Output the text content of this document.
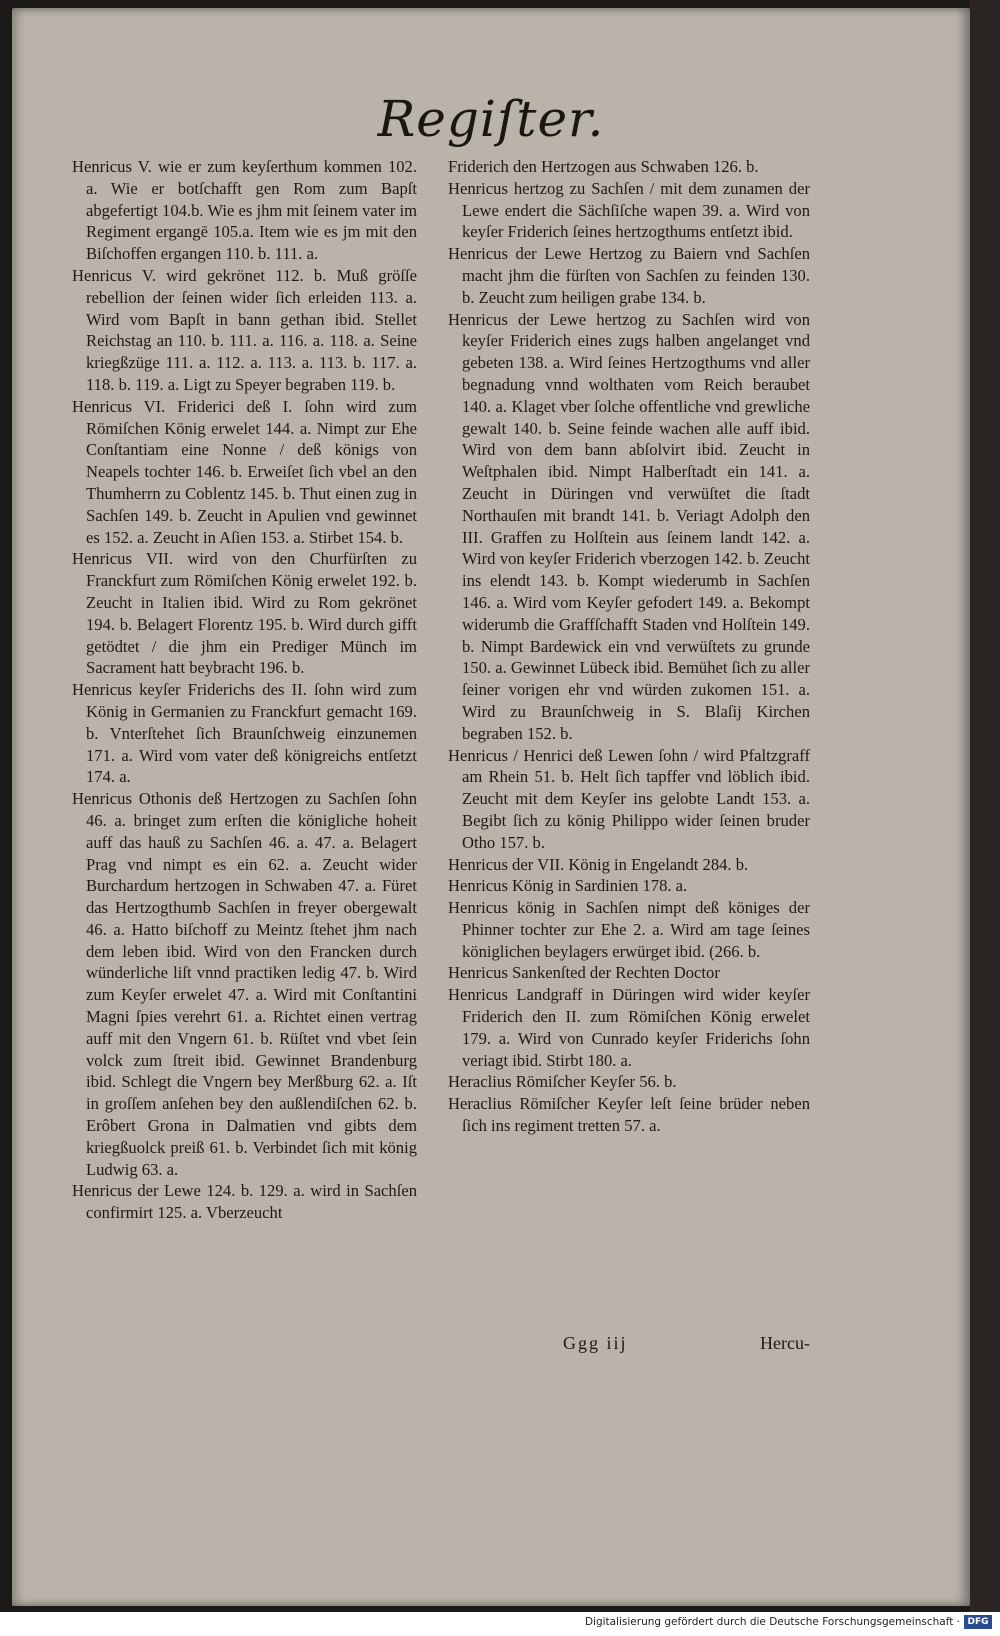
Regiſter.

Henricus V. wie er zum keyſerthum kommen 102. a. Wie er botſchafft gen Rom zum Bapſt abgefertigt 104.b. Wie es jhm mit ſeinem vater im Regiment ergangē 105.a. Item wie es jm mit den Biſchoffen ergangen 110. b. 111. a.

Henricus V. wird gekrönet 112. b. Muß gröſſe rebellion der ſeinen wider ſich erleiden 113. a. Wird vom Bapſt in bann gethan ibid. Stellet Reichstag an 110. b. 111. a. 116. a. 118. a. Seine kriegßzüge 111. a. 112. a. 113. a. 113. b. 117. a. 118. b. 119. a. Ligt zu Speyer begraben 119. b.

Henricus VI. Friderici deß I. ſohn wird zum Römiſchen König erwelet 144. a. Nimpt zur Ehe Conſtantiam eine Nonne / deß königs von Neapels tochter 146. b. Erweiſet ſich vbel an den Thumherrn zu Coblentz 145. b. Thut einen zug in Sachſen 149. b. Zeucht in Apulien vnd gewinnet es 152. a. Zeucht in Aſien 153. a. Stirbet 154. b.

Henricus VII. wird von den Churfürſten zu Franckfurt zum Römiſchen König erwelet 192. b. Zeucht in Italien ibid. Wird zu Rom gekrönet 194. b. Belagert Florentz 195. b. Wird durch gifft getödtet / die jhm ein Prediger Münch im Sacrament hatt beybracht 196. b.

Henricus keyſer Friderichs des II. ſohn wird zum König in Germanien zu Franckfurt gemacht 169. b. Vnterſtehet ſich Braunſchweig einzunemen 171. a. Wird vom vater deß königreichs entſetzt 174. a.

Henricus Othonis deß Hertzogen zu Sachſen ſohn 46. a. bringet zum erſten die königliche hoheit auff das hauß zu Sachſen 46. a. 47. a. Belagert Prag vnd nimpt es ein 62. a. Zeucht wider Burchardum hertzogen in Schwaben 47. a. Füret das Hertzogthumb Sachſen in freyer obergewalt 46. a. Hatto biſchoff zu Meintz ſtehet jhm nach dem leben ibid. Wird von den Francken durch wünderliche liſt vnnd practiken ledig 47. b. Wird zum Keyſer erwelet 47. a. Wird mit Conſtantini Magni ſpies verehrt 61. a. Richtet einen vertrag auff mit den Vngern 61. b. Rüſtet vnd vbet ſein volck zum ſtreit ibid. Gewinnet Brandenburg ibid. Schlegt die Vngern bey Merßburg 62. a. Iſt in groſſem anſehen bey den außlendiſchen 62. b. Erôbert Grona in Dalmatien vnd gibts dem kriegßuolck preiß 61. b. Verbindet ſich mit könig Ludwig 63. a.

Henricus der Lewe 124. b. 129. a. wird in Sachſen confirmirt 125. a. Vberzeucht

Friderich den Hertzogen aus Schwaben 126. b.

Henricus hertzog zu Sachſen / mit dem zunamen der Lewe endert die Sächſiſche wapen 39. a. Wird von keyſer Friderich ſeines hertzogthums entſetzt ibid.

Henricus der Lewe Hertzog zu Baiern vnd Sachſen macht jhm die fürſten von Sachſen zu feinden 130. b. Zeucht zum heiligen grabe 134. b.

Henricus der Lewe hertzog zu Sachſen wird von keyſer Friderich eines zugs halben angelanget vnd gebeten 138. a. Wird ſeines Hertzogthums vnd aller begnadung vnnd wolthaten vom Reich beraubet 140. a. Klaget vber ſolche offentliche vnd grewliche gewalt 140. b. Seine feinde wachen alle auff ibid. Wird von dem bann abſolvirt ibid. Zeucht in Weſtphalen ibid. Nimpt Halberſtadt ein 141. a. Zeucht in Düringen vnd verwüſtet die ſtadt Northauſen mit brandt 141. b. Veriagt Adolph den III. Graffen zu Holſtein aus ſeinem landt 142. a. Wird von keyſer Friderich vberzogen 142. b. Zeucht ins elendt 143. b. Kompt wiederumb in Sachſen 146. a. Wird vom Keyſer gefodert 149. a. Bekompt widerumb die Graffſchafft Staden vnd Holſtein 149. b. Nimpt Bardewick ein vnd verwüſtets zu grunde 150. a. Gewinnet Lübeck ibid. Bemühet ſich zu aller ſeiner vorigen ehr vnd würden zukomen 151. a. Wird zu Braunſchweig in S. Blaſij Kirchen begraben 152. b.

Henricus / Henrici deß Lewen ſohn / wird Pfaltzgraff am Rhein 51. b. Helt ſich tapffer vnd löblich ibid. Zeucht mit dem Keyſer ins gelobte Landt 153. a. Begibt ſich zu könig Philippo wider ſeinen bruder Otho 157. b.

Henricus der VII. König in Engelandt 284. b.

Henricus König in Sardinien 178. a.

Henricus könig in Sachſen nimpt deß königes der Phinner tochter zur Ehe 2. a. Wird am tage ſeines königlichen beylagers erwürget ibid. (266. b.

Henricus Sankenſted der Rechten Doctor

Henricus Landgraff in Düringen wird wider keyſer Friderich den II. zum Römiſchen König erwelet 179. a. Wird von Cunrado keyſer Friderichs ſohn veriagt ibid. Stirbt 180. a.

Heraclius Römiſcher Keyſer 56. b.

Heraclius Römiſcher Keyſer leſt ſeine brüder neben ſich ins regiment tretten 57. a.

Ggg iij	Hercu-
Digitalisierung gefördert durch die Deutsche Forschungsgemeinschaft · DFG
